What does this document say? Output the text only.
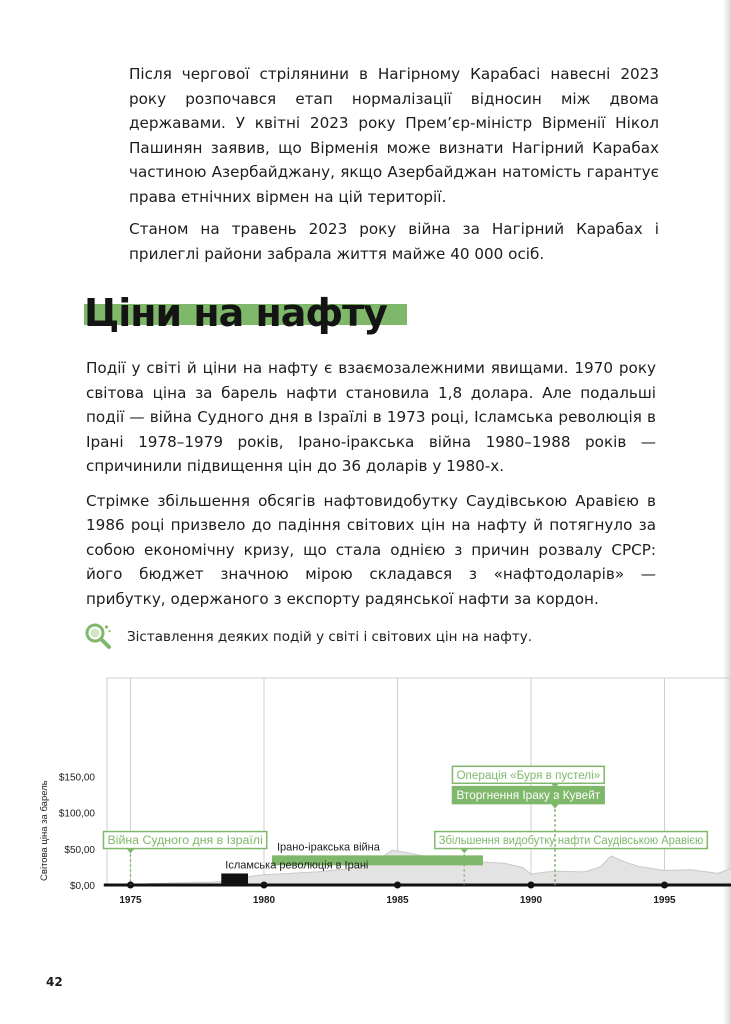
Після чергової стрілянини в Нагірному Карабасі навесні 2023 року розпочався етап нормалізації відносин між двома державами. У квітні 2023 року Прем’єр-міністр Вірменії Нікол Пашинян заявив, що Вірменія може визнати Нагірний Карабах частиною Азербайджану, якщо Азербайджан натомість гарантує права етнічних вірмен на цій території.

Станом на травень 2023 року війна за Нагірний Карабах і прилеглі райони забрала життя майже 40 000 осіб.

Ціни на нафту

Події у світі й ціни на нафту є взаємозалежними явищами. 1970 року світова ціна за барель нафти становила 1,8 долара. Але подальші події — війна Судного дня в Ізраїлі в 1973 році, Ісламська революція в Ірані 1978–1979 років, Ірано-іракська війна 1980–1988 років — спричинили підвищення цін до 36 доларів у 1980-х.

Стрімке збільшення обсягів нафтовидобутку Саудівською Аравією в 1986 році призвело до падіння світових цін на нафту й потягнуло за собою економічну кризу, що стала однією з причин розвалу СРСР: його бюджет значною мірою складався з «нафтодоларів» — прибутку, одержаного з експорту радянської нафти за кордон.

Зіставлення деяких подій у світі і світових цін на нафту.
$0,00
$50,00
$100,00
$150,00
1975	1980	1985	1990	1995
Світова ціна за барель	Війна Судного дня в Ізраїлі
Ірано-іракська війна
Ісламська революція в Ірані
Збільшення видобутку нафти Саудівською Аравією
Вторгнення Іраку в Кувейт
Операція «Буря в пустелі»
42
